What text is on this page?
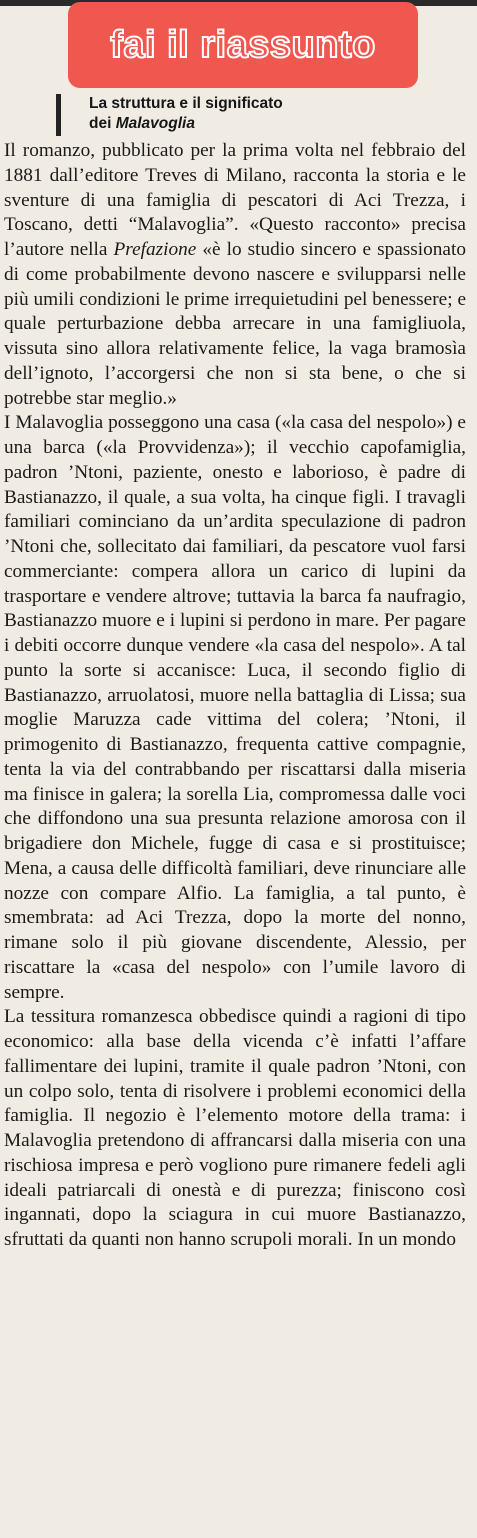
fai il riassunto
La struttura e il significato
dei Malavoglia

Il romanzo, pubblicato per la prima volta nel febbraio del 1881 dall’editore Treves di Milano, racconta la storia e le sventure di una famiglia di pescatori di Aci Trezza, i Toscano, detti “Malavoglia”. «Questo racconto» precisa l’autore nella Prefazione «è lo studio sincero e spassionato di come probabilmente devono nascere e svilupparsi nelle più umili condizioni le prime irrequietudini pel benessere; e quale perturbazione debba arrecare in una famigliuola, vissuta sino allora relativamente felice, la vaga bramosìa dell’ignoto, l’accorgersi che non si sta bene, o che si potrebbe star meglio.»

I Malavoglia posseggono una casa («la casa del nespolo») e una barca («la Provvidenza»); il vecchio capofamiglia, padron ’Ntoni, paziente, onesto e laborioso, è padre di Bastianazzo, il quale, a sua volta, ha cinque figli. I travagli familiari cominciano da un’ardita speculazione di padron ’Ntoni che, sollecitato dai familiari, da pescatore vuol farsi commerciante: compera allora un carico di lupini da trasportare e vendere altrove; tuttavia la barca fa naufragio, Bastianazzo muore e i lupini si perdono in mare. Per pagare i debiti occorre dunque vendere «la casa del nespolo». A tal punto la sorte si accanisce: Luca, il secondo figlio di Bastianazzo, arruolatosi, muore nella battaglia di Lissa; sua moglie Maruzza cade vittima del colera; ’Ntoni, il primogenito di Bastianazzo, frequenta cattive compagnie, tenta la via del contrabbando per riscattarsi dalla miseria ma finisce in galera; la sorella Lia, compromessa dalle voci che diffondono una sua presunta relazione amorosa con il brigadiere don Michele, fugge di casa e si prostituisce; Mena, a causa delle difficoltà familiari, deve rinunciare alle nozze con compare Alfio. La famiglia, a tal punto, è smembrata: ad Aci Trezza, dopo la morte del nonno, rimane solo il più giovane discendente, Alessio, per riscattare la «casa del nespolo» con l’umile lavoro di sempre.

La tessitura romanzesca obbedisce quindi a ragioni di tipo economico: alla base della vicenda c’è infatti l’affare fallimentare dei lupini, tramite il quale padron ’Ntoni, con un colpo solo, tenta di risolvere i problemi economici della famiglia. Il negozio è l’elemento motore della trama: i Malavoglia pretendono di affrancarsi dalla miseria con una rischiosa impresa e però vogliono pure rimanere fedeli agli ideali patriarcali di onestà e di purezza; finiscono così ingannati, dopo la sciagura in cui muore Bastianazzo, sfruttati da quanti non hanno scrupoli morali. In un mondo
